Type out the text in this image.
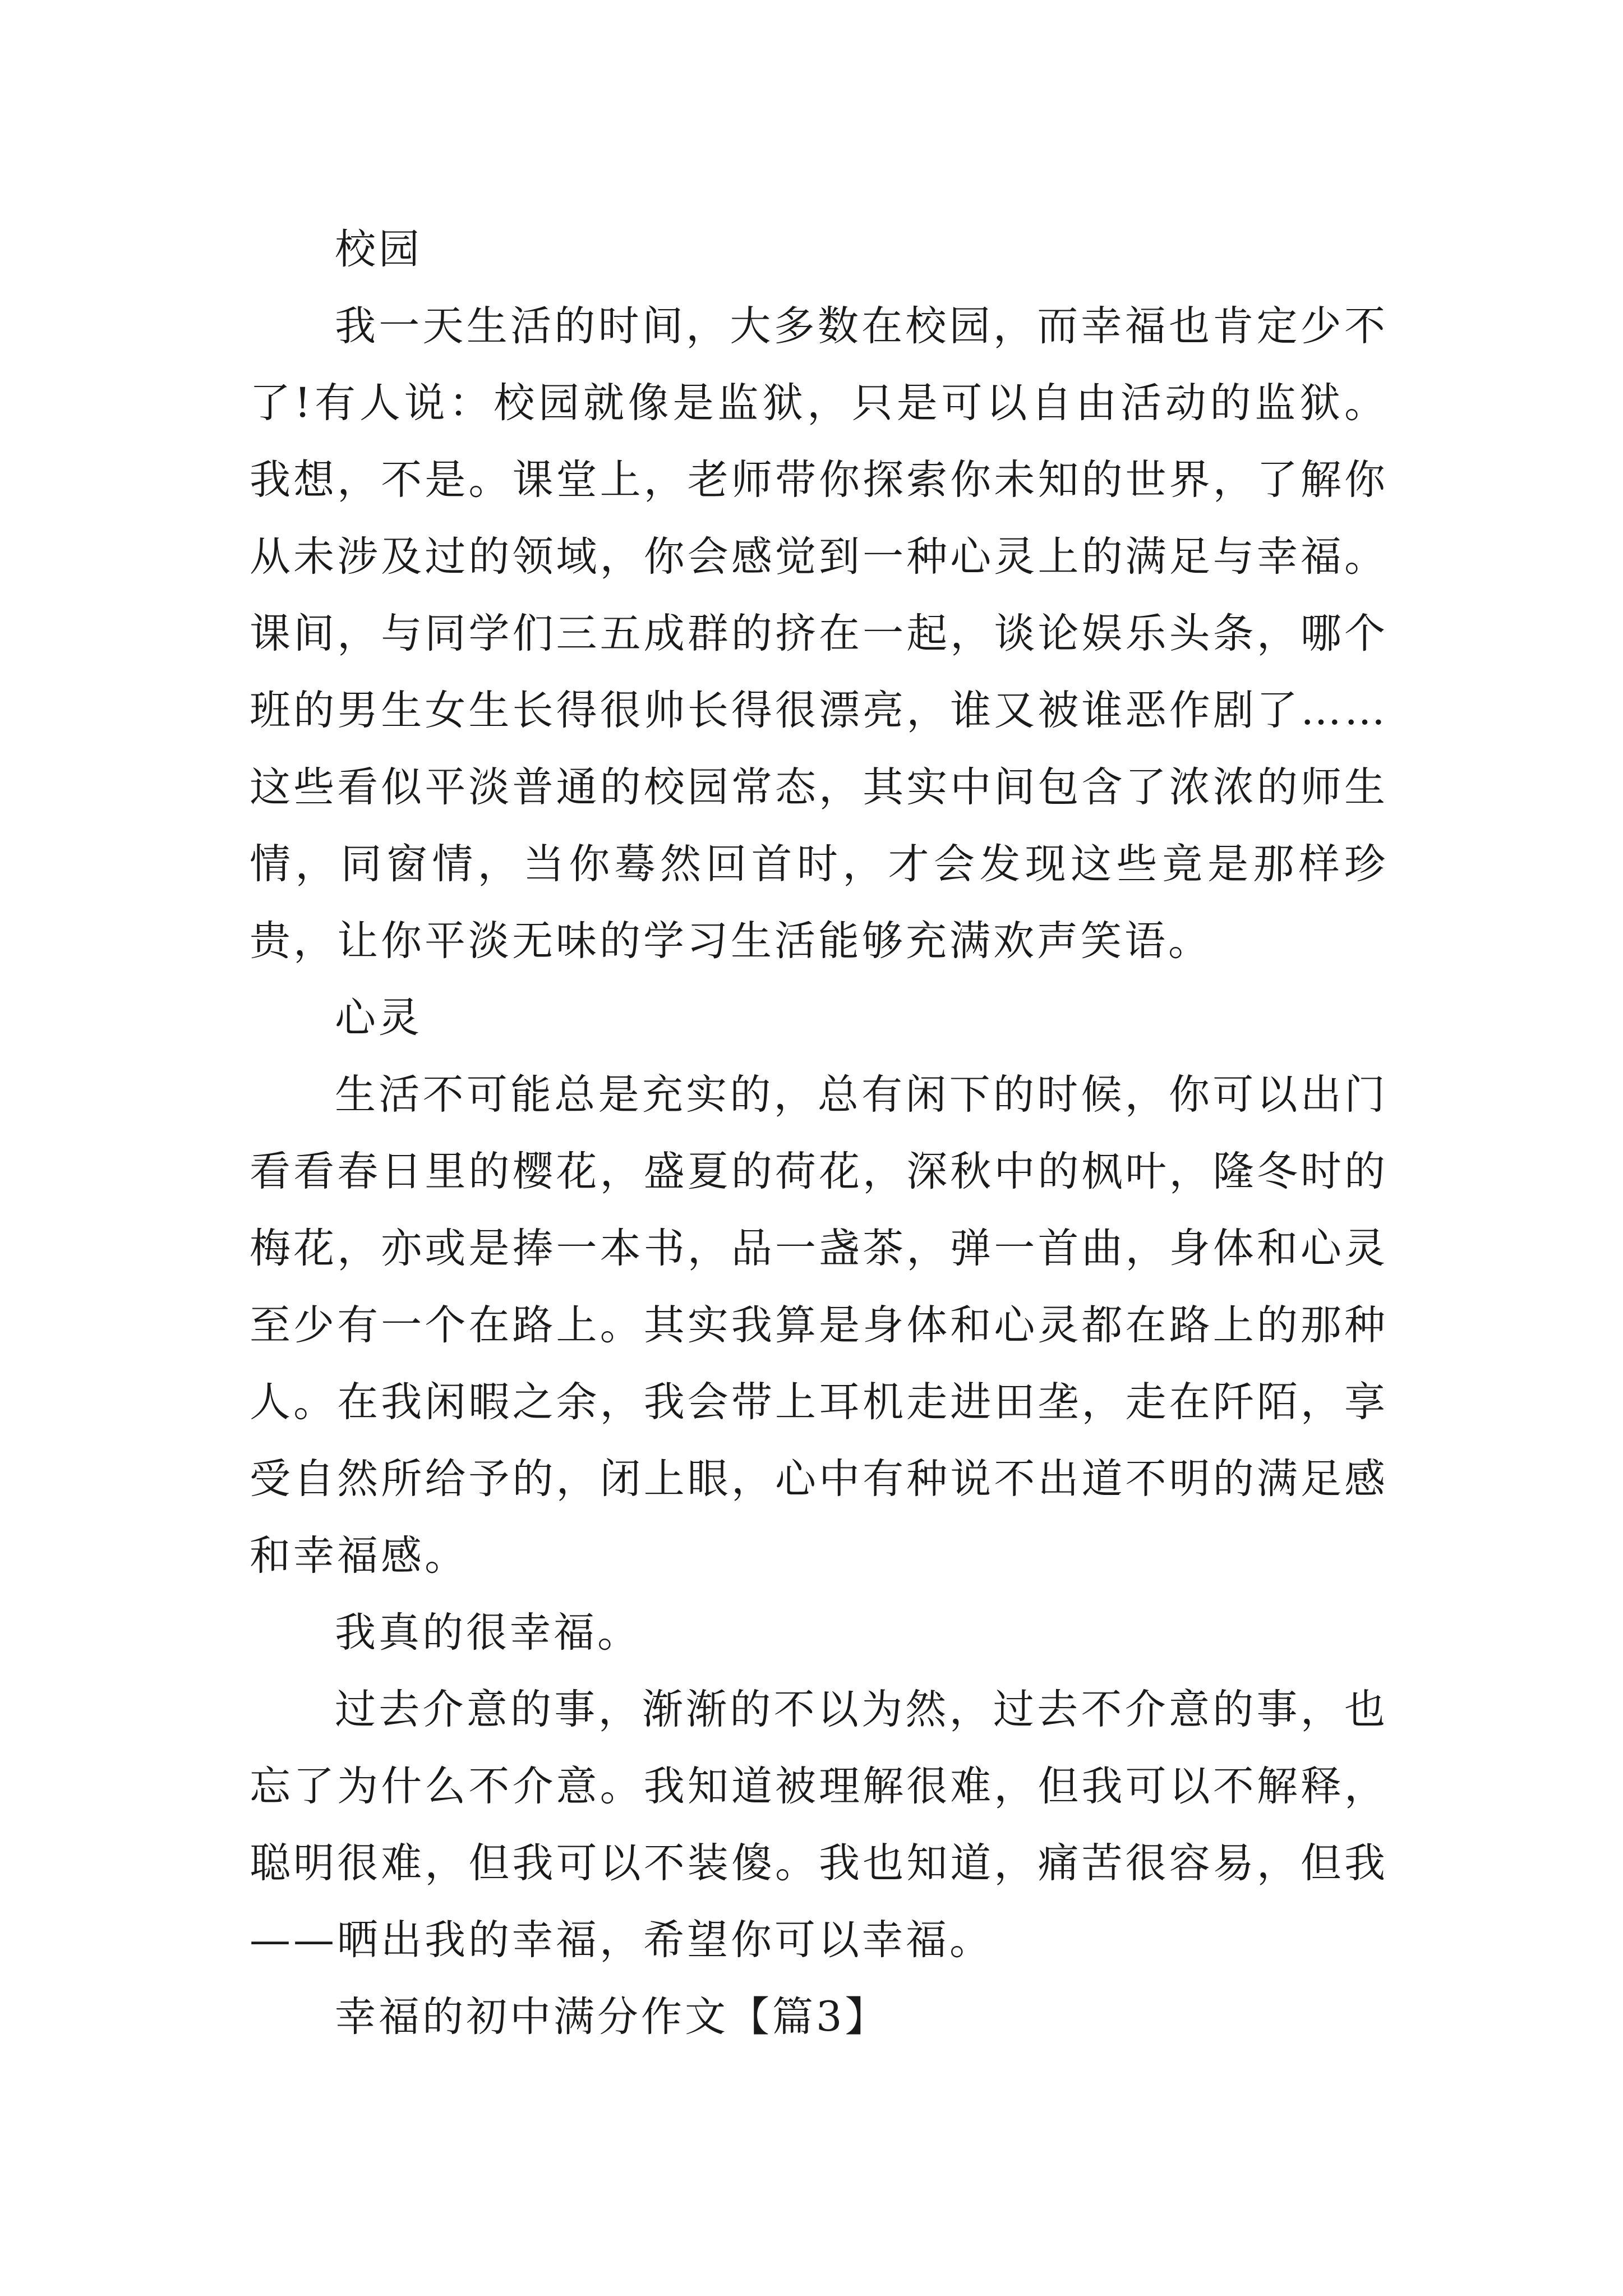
校园

我一天生活的时间，大多数在校园，而幸福也肯定少不了!有人说：校园就像是监狱，只是可以自由活动的监狱。我想，不是。课堂上，老师带你探索你未知的世界，了解你从未涉及过的领域，你会感觉到一种心灵上的满足与幸福。课间，与同学们三五成群的挤在一起，谈论娱乐头条，哪个班的男生女生长得很帅长得很漂亮，谁又被谁恶作剧了……这些看似平淡普通的校园常态，其实中间包含了浓浓的师生情，同窗情，当你蓦然回首时，才会发现这些竟是那样珍贵，让你平淡无味的学习生活能够充满欢声笑语。

心灵

生活不可能总是充实的，总有闲下的时候，你可以出门看看春日里的樱花，盛夏的荷花，深秋中的枫叶，隆冬时的梅花，亦或是捧一本书，品一盏茶，弹一首曲，身体和心灵至少有一个在路上。其实我算是身体和心灵都在路上的那种人。在我闲暇之余，我会带上耳机走进田垄，走在阡陌，享受自然所给予的，闭上眼，心中有种说不出道不明的满足感和幸福感。

我真的很幸福。

过去介意的事，渐渐的不以为然，过去不介意的事，也忘了为什么不介意。我知道被理解很难，但我可以不解释，聪明很难，但我可以不装傻。我也知道，痛苦很容易，但我——晒出我的幸福，希望你可以幸福。

幸福的初中满分作文【篇3】
